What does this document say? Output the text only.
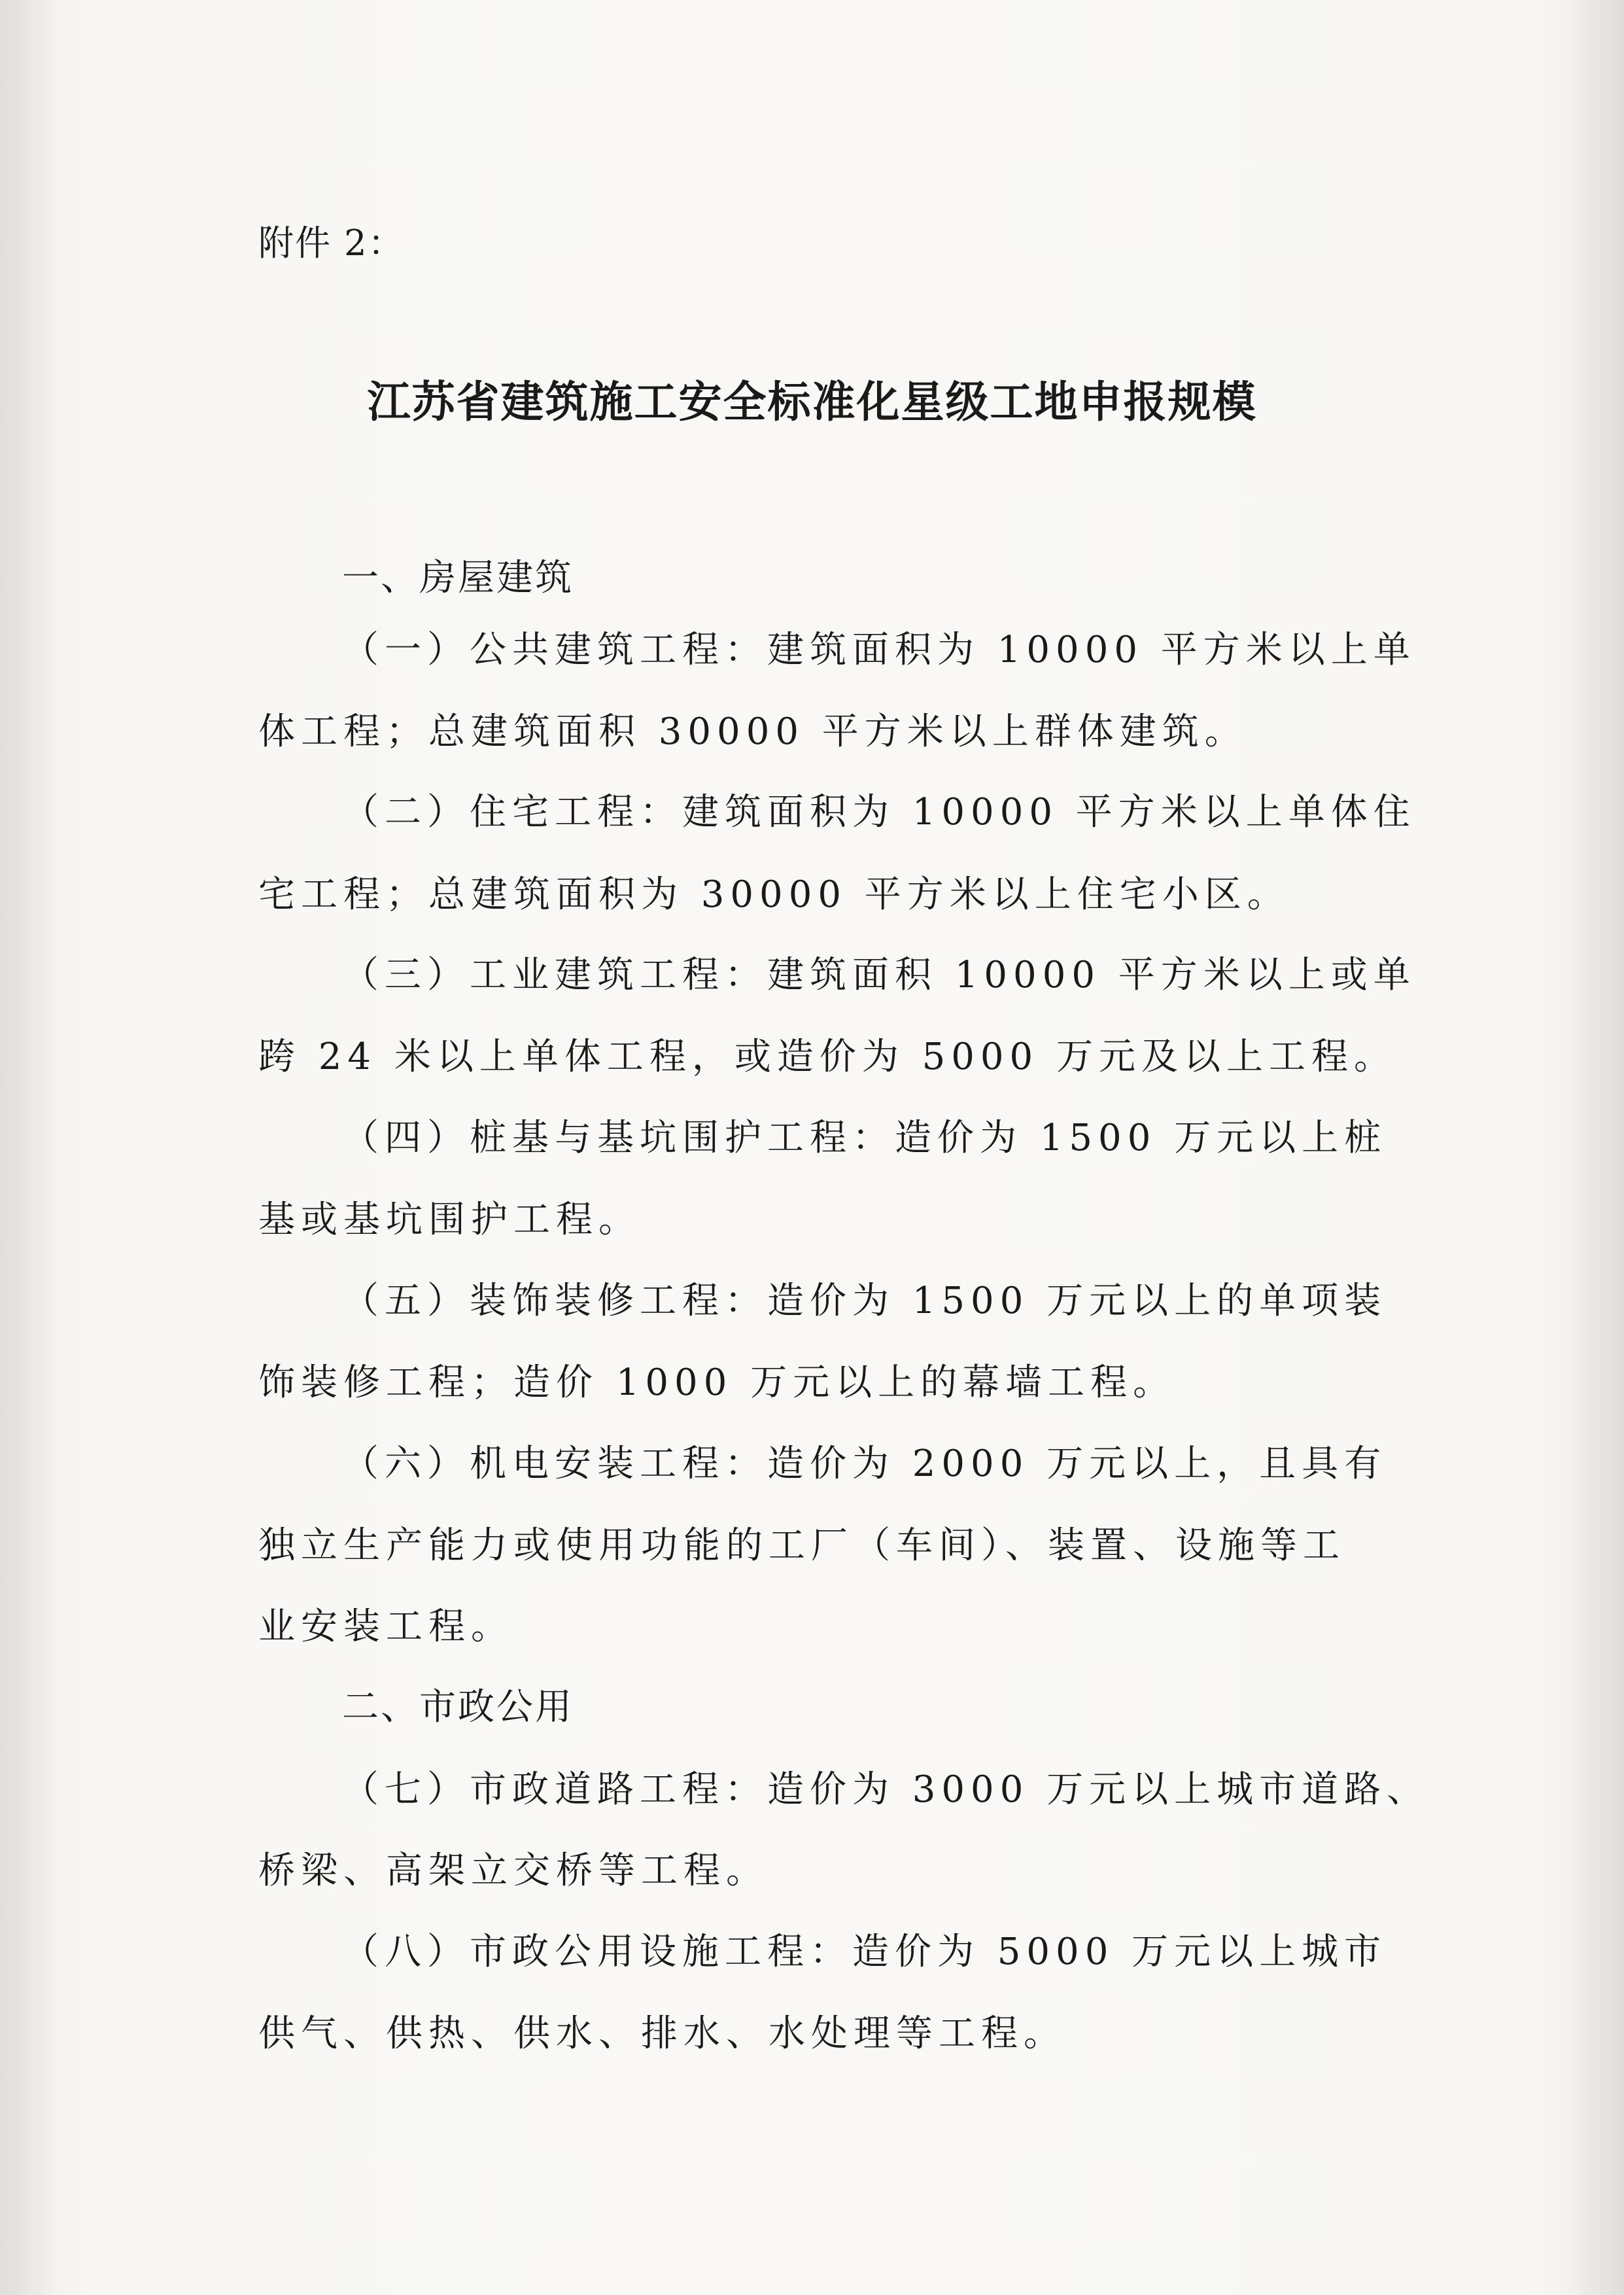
附件 2：
江苏省建筑施工安全标准化星级工地申报规模
一、房屋建筑
（一）公共建筑工程：建筑面积为 10000 平方米以上单
体工程；总建筑面积 30000 平方米以上群体建筑。
（二）住宅工程：建筑面积为 10000 平方米以上单体住
宅工程；总建筑面积为 30000 平方米以上住宅小区。
（三）工业建筑工程：建筑面积 10000 平方米以上或单
跨 24 米以上单体工程，或造价为 5000 万元及以上工程。
（四）桩基与基坑围护工程：造价为 1500 万元以上桩
基或基坑围护工程。
（五）装饰装修工程：造价为 1500 万元以上的单项装
饰装修工程；造价 1000 万元以上的幕墙工程。
（六）机电安装工程：造价为 2000 万元以上，且具有
独立生产能力或使用功能的工厂（车间）、装置、设施等工
业安装工程。
二、市政公用
（七）市政道路工程：造价为 3000 万元以上城市道路、
桥梁、高架立交桥等工程。
（八）市政公用设施工程：造价为 5000 万元以上城市
供气、供热、供水、排水、水处理等工程。
